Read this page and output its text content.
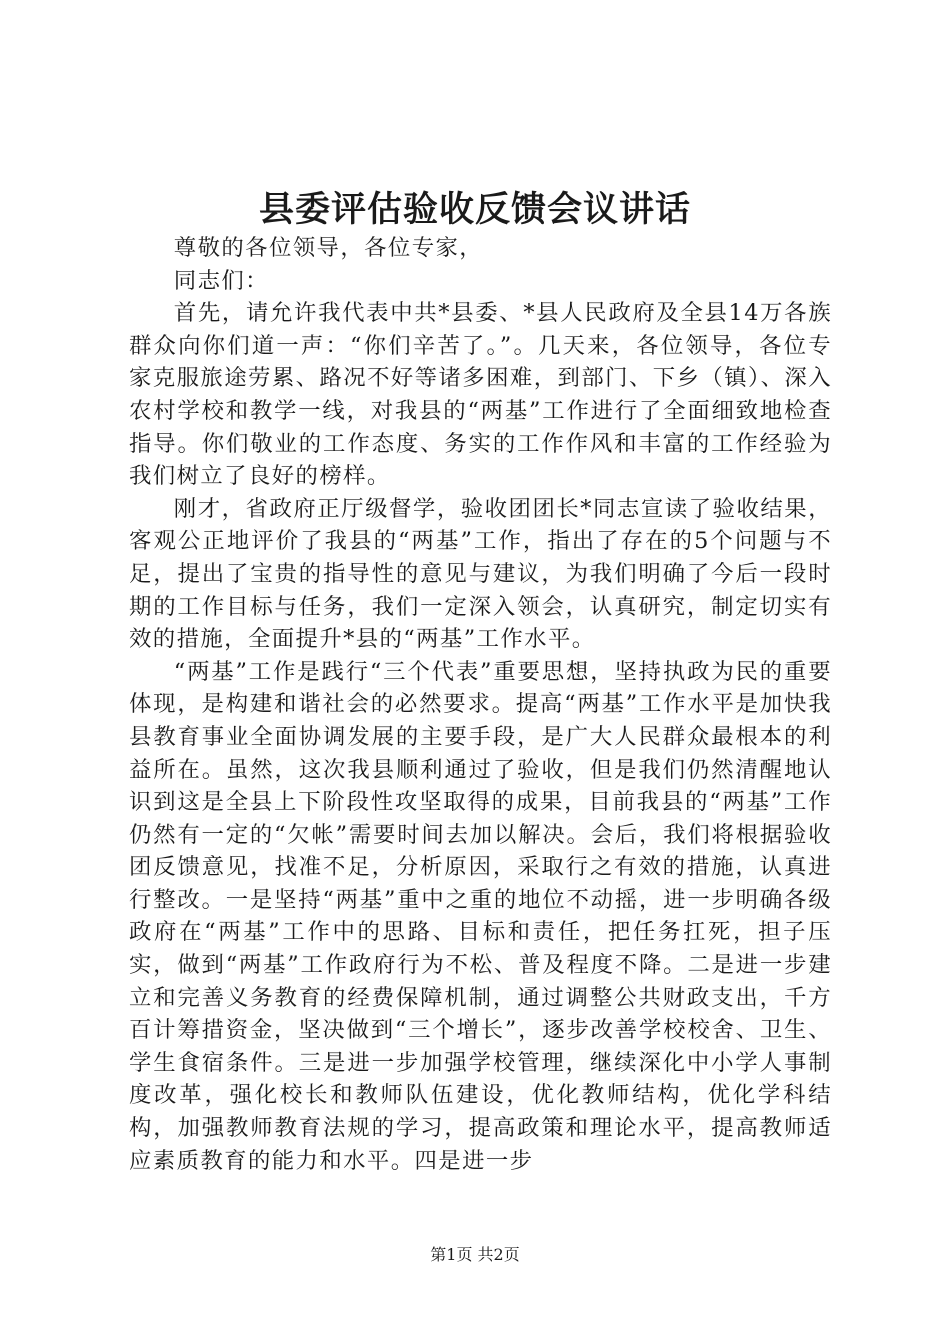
县委评估验收反馈会议讲话

尊敬的各位领导，各位专家，

同志们：

首先，请允许我代表中共*县委、*县人民政府及全县14万各族群众向你们道一声：“你们辛苦了。”。几天来，各位领导，各位专家克服旅途劳累、路况不好等诸多困难，到部门、下乡（镇）、深入农村学校和教学一线，对我县的“两基”工作进行了全面细致地检查指导。你们敬业的工作态度、务实的工作作风和丰富的工作经验为我们树立了良好的榜样。

刚才，省政府正厅级督学，验收团团长*同志宣读了验收结果，客观公正地评价了我县的“两基”工作，指出了存在的5个问题与不足，提出了宝贵的指导性的意见与建议，为我们明确了今后一段时期的工作目标与任务，我们一定深入领会，认真研究，制定切实有效的措施，全面提升*县的“两基”工作水平。

“两基”工作是践行“三个代表”重要思想，坚持执政为民的重要体现，是构建和谐社会的必然要求。提高“两基”工作水平是加快我县教育事业全面协调发展的主要手段，是广大人民群众最根本的利益所在。虽然，这次我县顺利通过了验收，但是我们仍然清醒地认识到这是全县上下阶段性攻坚取得的成果，目前我县的“两基”工作仍然有一定的“欠帐”需要时间去加以解决。会后，我们将根据验收团反馈意见，找准不足，分析原因，采取行之有效的措施，认真进行整改。一是坚持“两基”重中之重的地位不动摇，进一步明确各级政府在“两基”工作中的思路、目标和责任，把任务扛死，担子压实，做到“两基”工作政府行为不松、普及程度不降。二是进一步建立和完善义务教育的经费保障机制，通过调整公共财政支出，千方百计筹措资金，坚决做到“三个增长”，逐步改善学校校舍、卫生、学生食宿条件。三是进一步加强学校管理，继续深化中小学人事制度改革，强化校长和教师队伍建设，优化教师结构，优化学科结构，加强教师教育法规的学习，提高政策和理论水平，提高教师适应素质教育的能力和水平。四是进一步

第1页 共2页
